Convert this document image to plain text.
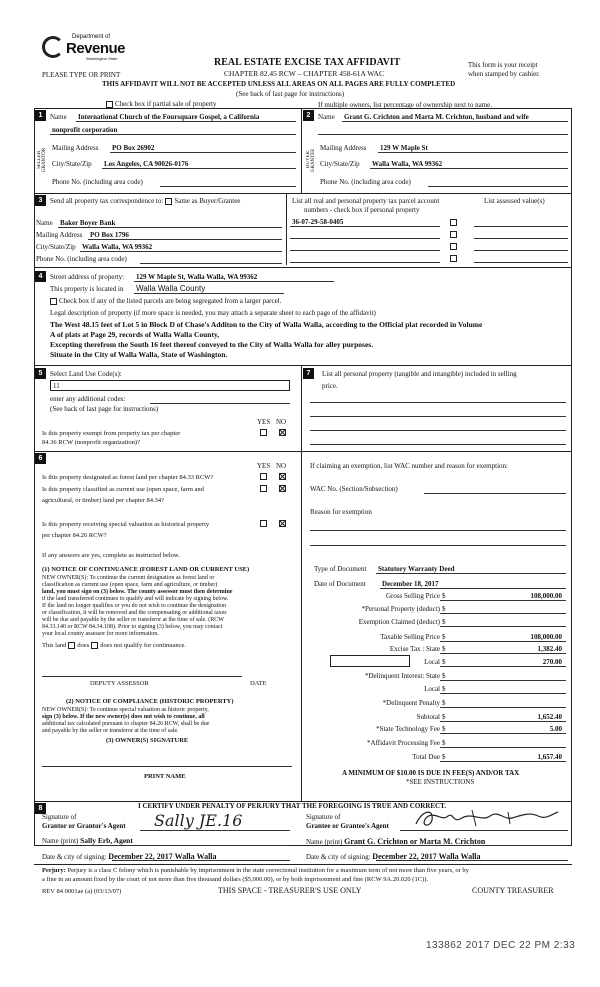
Department of
Revenue
Washington State
PLEASE TYPE OR PRINT
REAL ESTATE EXCISE TAX AFFIDAVIT
CHAPTER 82.45 RCW – CHAPTER 458-61A WAC
THIS AFFIDAVIT WILL NOT BE ACCEPTED UNLESS ALL AREAS ON ALL PAGES ARE FULLY COMPLETED
(See back of last page for instructions)
This form is your receipt
when stamped by cashier.
Check box if partial sale of property	If multiple owners, list percentage of ownership next to name.
1
SELLER GRANTOR
Name International Church of the Foursquare Gospel, a California
nonprofit corporation
Mailing Address PO Box 26902
City/State/Zip Los Angeles, CA 90026-0176
Phone No. (including area code)
2
BUYER GRANTEE
Name Grant G. Crichton and Marta M. Crichton, husband and wife
Mailing Address 129 W Maple St
City/State/Zip Walla Walla, WA 99362
Phone No. (including area code)
3	Send all property tax correspondence to: Same as Buyer/Grantee
Name Baker Boyer Bank
Mailing Address PO Box 1796
City/State/Zip Walla Walla, WA 99362
Phone No. (including area code)
List all real and personal property tax parcel account
numbers - check box if personal property
List assessed value(s)
36-07-29-58-0405
4	Street address of property: 129 W Maple St, Walla Walla, WA 99362
This property is located in Walla Walla County
Check box if any of the listed parcels are being segregated from a larger parcel.
Legal description of property (if more space is needed, you may attach a separate sheet to each page of the affidavit)
The West 48.15 feet of Lot 5 in Block D of Chase's Additon to the City of Walla Walla, according to the Official plat recorded in Volume
A of plats at Page 29, records of Walla Walla County,
Excepting therefrom the South 16 feet thereof conveyed to the City of Walla Walla for alley purposes.
Situate in the City of Walla Walla, State of Washington.
5	Select Land Use Code(s):
11
enter any additional codes:
(See back of last page for instructions)
YES NO
Is this property exempt from property tax per chapter
84.36 RCW (nonprofit organization)?
7	List all personal property (tangible and intangible) included in selling
price.
6
YES NO
Is this property designated as forest land per chapter 84.33 RCW?
Is this property classified as current use (open space, farm and
agricultural, or timber) land per chapter 84.34?
Is this property receiving special valuation as historical property
per chapter 84.26 RCW?
If any answers are yes, complete as instructed below.
(1) NOTICE OF CONTINUANCE (FOREST LAND OR CURRENT USE)
NEW OWNER(S): To continue the current designation as forest land or
classification as current use (open space, farm and agriculture, or timber)
land, you must sign on (3) below. The county assessor must then determine
if the land transferred continues to qualify and will indicate by signing below.
If the land no longer qualifies or you do not wish to continue the designation
or classification, it will be removed and the compensating or additional taxes
will be due and payable by the seller or transferor at the time of sale. (RCW
84.33.140 or RCW 84.34.108). Prior to signing (3) below, you may contact
your local county assessor for more information.
This land does does not qualify for continuance.
DEPUTY ASSESSOR	DATE
(2) NOTICE OF COMPLIANCE (HISTORIC PROPERTY)
NEW OWNER(S): To continue special valuation as historic property,
sign (3) below. If the new owner(s) does not wish to continue, all
additional tax calculated pursuant to chapter 84.26 RCW, shall be due
and payable by the seller or transferor at the time of sale.
(3) OWNER(S) SIGNATURE
PRINT NAME
If claiming an exemption, list WAC number and reason for exemption:
WAC No. (Section/Subsection)
Reason for exemption
Type of Document Statutory Warranty Deed
Date of Document December 18, 2017
Gross Selling Price $	108,000.00
*Personal Property (deduct) $
Exemption Claimed (deduct) $
Taxable Selling Price $	108,000.00
Excise Tax : State $	1,382.40
Local $	270.00
*Delinquent Interest: State $
Local $
*Delinquent Penalty $
Subtotal $	1,652.40
*State Technology Fee $	5.00
*Affidavit Processing Fee $
Total Due $	1,657.40
A MINIMUM OF $10.00 IS DUE IN FEE(S) AND/OR TAX
*SEE INSTRUCTIONS
8	I CERTIFY UNDER PENALTY OF PERJURY THAT THE FOREGOING IS TRUE AND CORRECT.
Signature of
Grantor or Grantor's Agent Sally JE.16
Name (print) Sally Erb, Agent
Date & city of signing: December 22, 2017 Walla Walla
Signature of
Grantee or Grantee's Agent
Name (print) Grant G. Crichton or Marta M. Crichton
Date & city of signing: December 22, 2017 Walla Walla
Perjury: Perjury is a class C felony which is punishable by imprisonment in the state correctional institution for a maximum term of not more than five years, or by
a fine in an amount fixed by the court of not more than five thousand dollars ($5,000.00), or by both imprisonment and fine (RCW 9A.20.020 (1C)).
REV 84 0001ae (a) (03/13/07)	THIS SPACE - TREASURER'S USE ONLY	COUNTY TREASURER
133862 2017 DEC 22 PM 2:33
